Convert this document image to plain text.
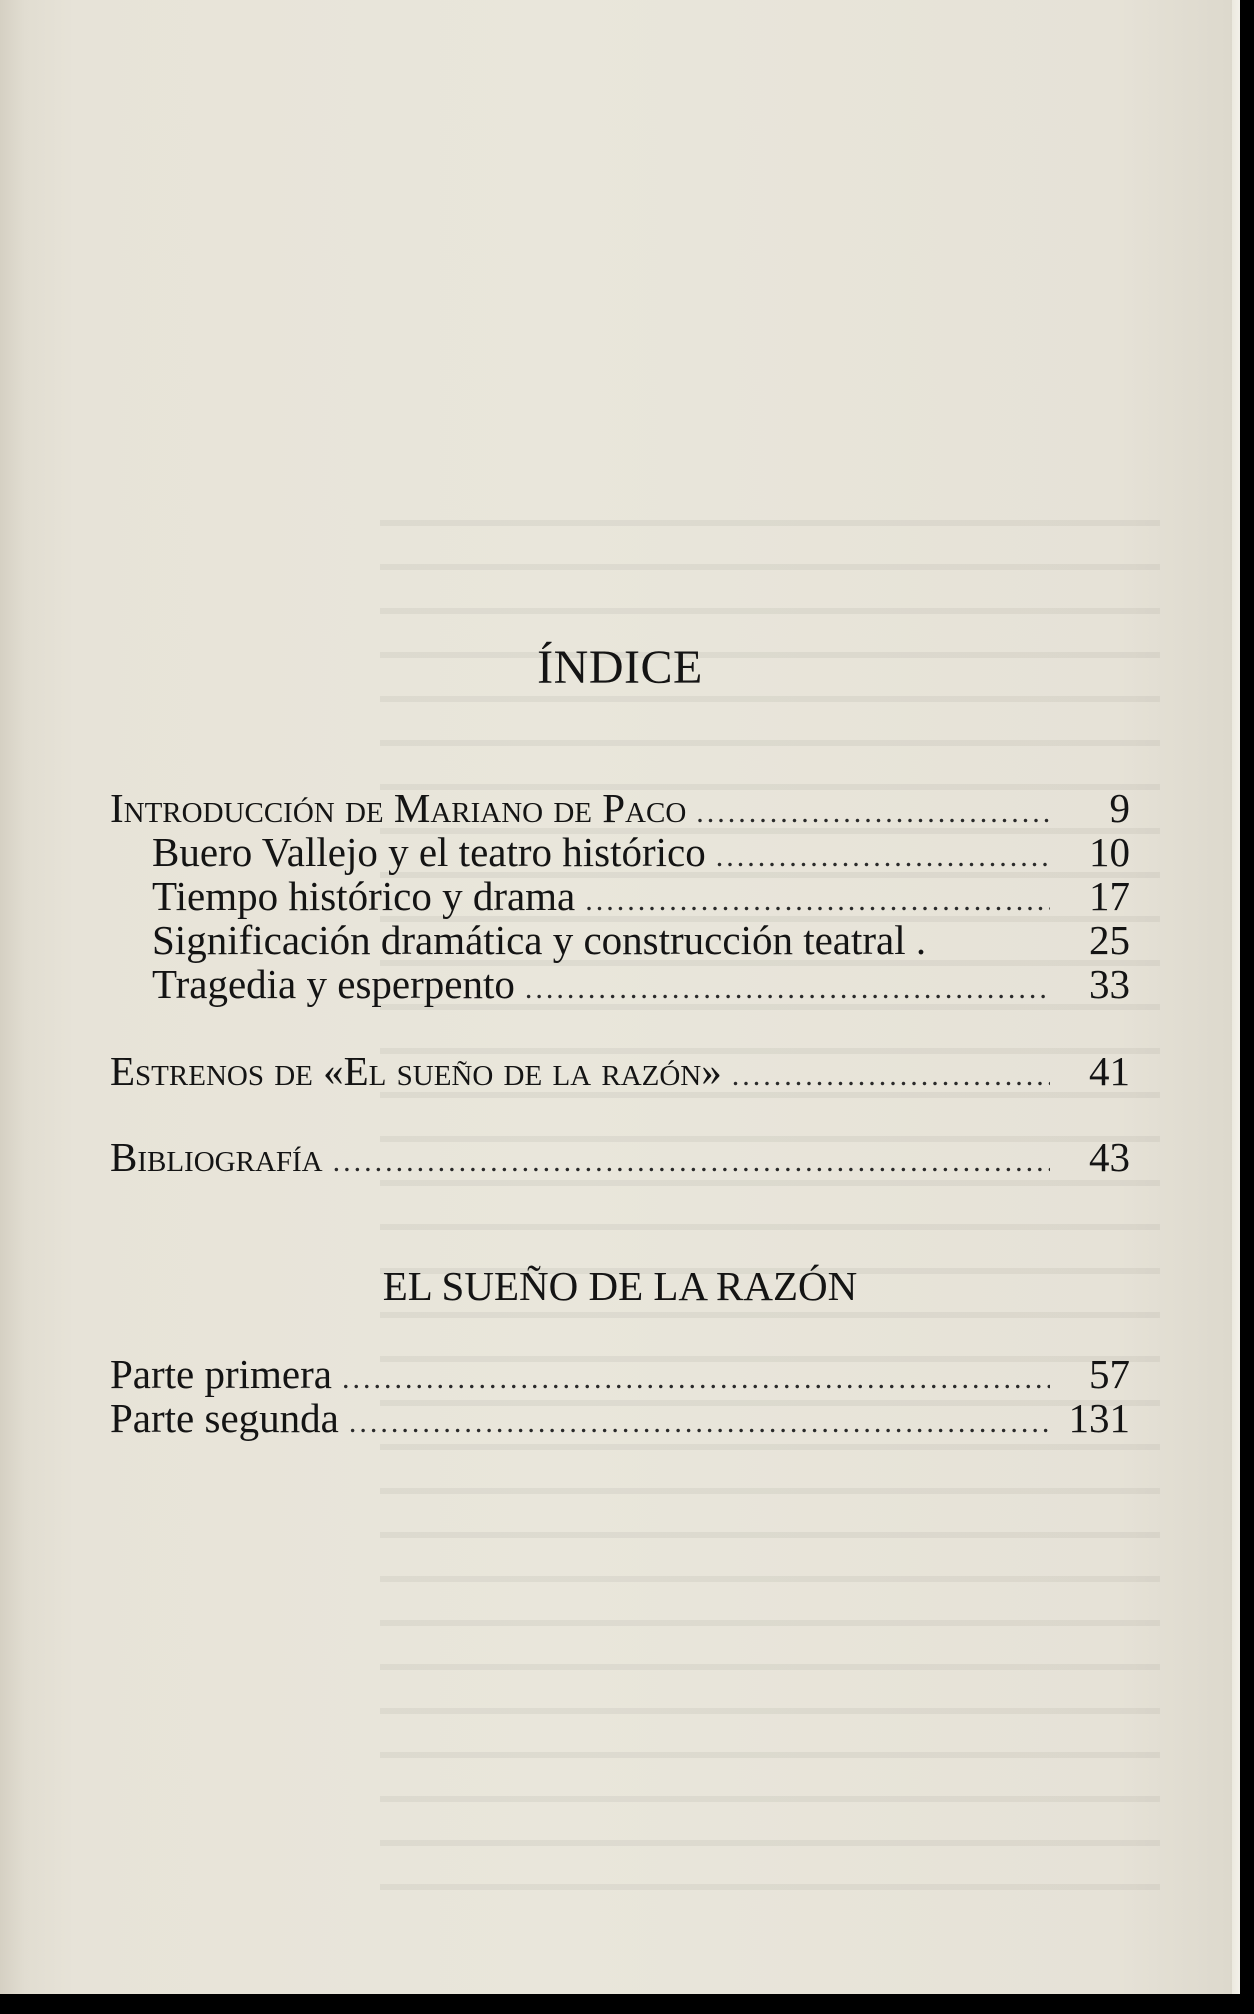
ÍNDICE
Introducción de Mariano de Paco .....	9
Buero Vallejo y el teatro histórico .....	10
Tiempo histórico y drama .....	17
Significación dramática y construcción teatral .	25
Tragedia y esperpento .....	33
Estrenos de «El sueño de la razón» .....	41
Bibliografía .....	43
EL SUEÑO DE LA RAZÓN
Parte primera .....	57
Parte segunda .....	131
